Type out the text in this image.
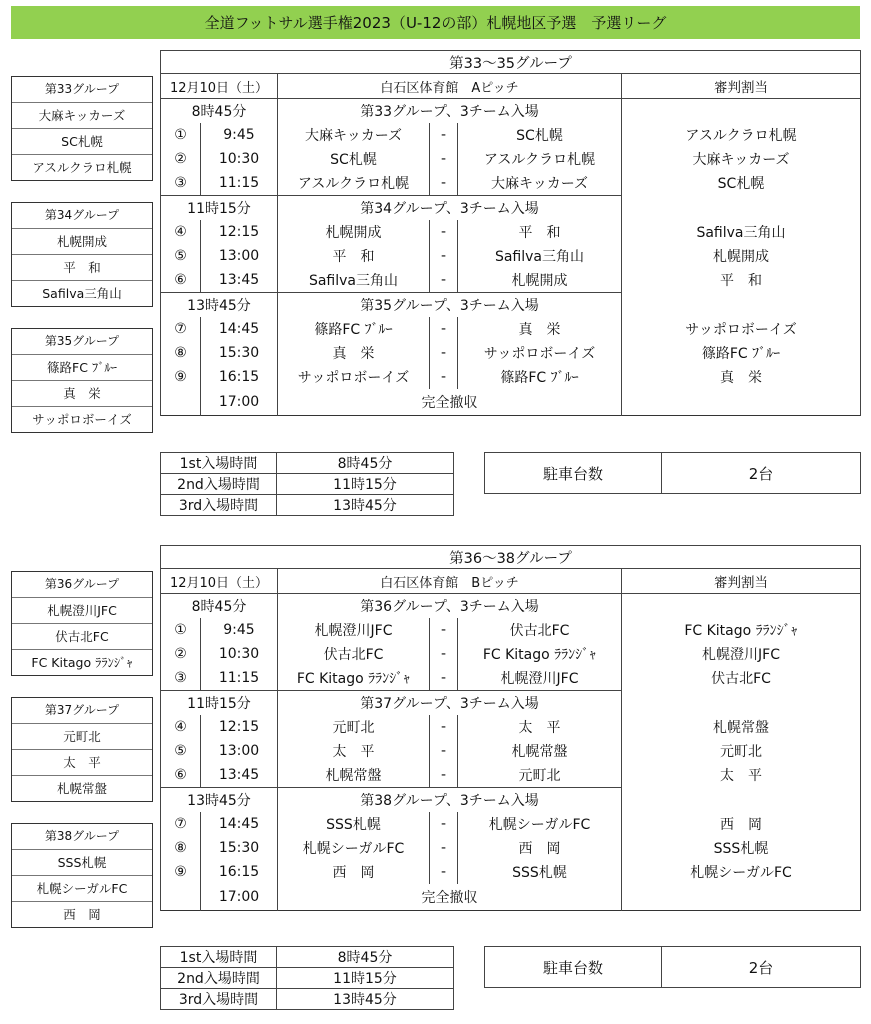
全道フットサル選手権2023（U-12の部）札幌地区予選　予選リーグ
第33グループ
大麻キッカーズ
SC札幌
アスルクラロ札幌
第34グループ
札幌開成
平　和
Safilva三角山
第35グループ
篠路FC ﾌﾞﾙｰ
真　栄
サッポロボーイズ
第33〜35グループ					
12月10日（土）		白石区体育館　Aピッチ			審判割当
8時45分		第33グループ、3チーム入場			
①	9:45	大麻キッカーズ	-	SC札幌	アスルクラロ札幌
②	10:30	SC札幌	-	アスルクラロ札幌	大麻キッカーズ
③	11:15	アスルクラロ札幌	-	大麻キッカーズ	SC札幌
11時15分		第34グループ、3チーム入場			
④	12:15	札幌開成	-	平　和	Safilva三角山
⑤	13:00	平　和	-	Safilva三角山	札幌開成
⑥	13:45	Safilva三角山	-	札幌開成	平　和
13時45分		第35グループ、3チーム入場			
⑦	14:45	篠路FC ﾌﾞﾙｰ	-	真　栄	サッポロボーイズ
⑧	15:30	真　栄	-	サッポロボーイズ	篠路FC ﾌﾞﾙｰ
⑨	16:15	サッポロボーイズ	-	篠路FC ﾌﾞﾙｰ	真　栄
	17:00	完全撤収			
1st入場時間	8時45分
2nd入場時間	11時15分
3rd入場時間	13時45分
駐車台数	2台
第36グループ
札幌澄川JFC
伏古北FC
FC Kitago ﾗﾗﾝｼﾞｬ
第37グループ
元町北
太　平
札幌常盤
第38グループ
SSS札幌
札幌シーガルFC
西　岡
第36〜38グループ					
12月10日（土）		白石区体育館　Bピッチ			審判割当
8時45分		第36グループ、3チーム入場			
①	9:45	札幌澄川JFC	-	伏古北FC	FC Kitago ﾗﾗﾝｼﾞｬ
②	10:30	伏古北FC	-	FC Kitago ﾗﾗﾝｼﾞｬ	札幌澄川JFC
③	11:15	FC Kitago ﾗﾗﾝｼﾞｬ	-	札幌澄川JFC	伏古北FC
11時15分		第37グループ、3チーム入場			
④	12:15	元町北	-	太　平	札幌常盤
⑤	13:00	太　平	-	札幌常盤	元町北
⑥	13:45	札幌常盤	-	元町北	太　平
13時45分		第38グループ、3チーム入場			
⑦	14:45	SSS札幌	-	札幌シーガルFC	西　岡
⑧	15:30	札幌シーガルFC	-	西　岡	SSS札幌
⑨	16:15	西　岡	-	SSS札幌	札幌シーガルFC
	17:00	完全撤収			
1st入場時間	8時45分
2nd入場時間	11時15分
3rd入場時間	13時45分
駐車台数	2台
